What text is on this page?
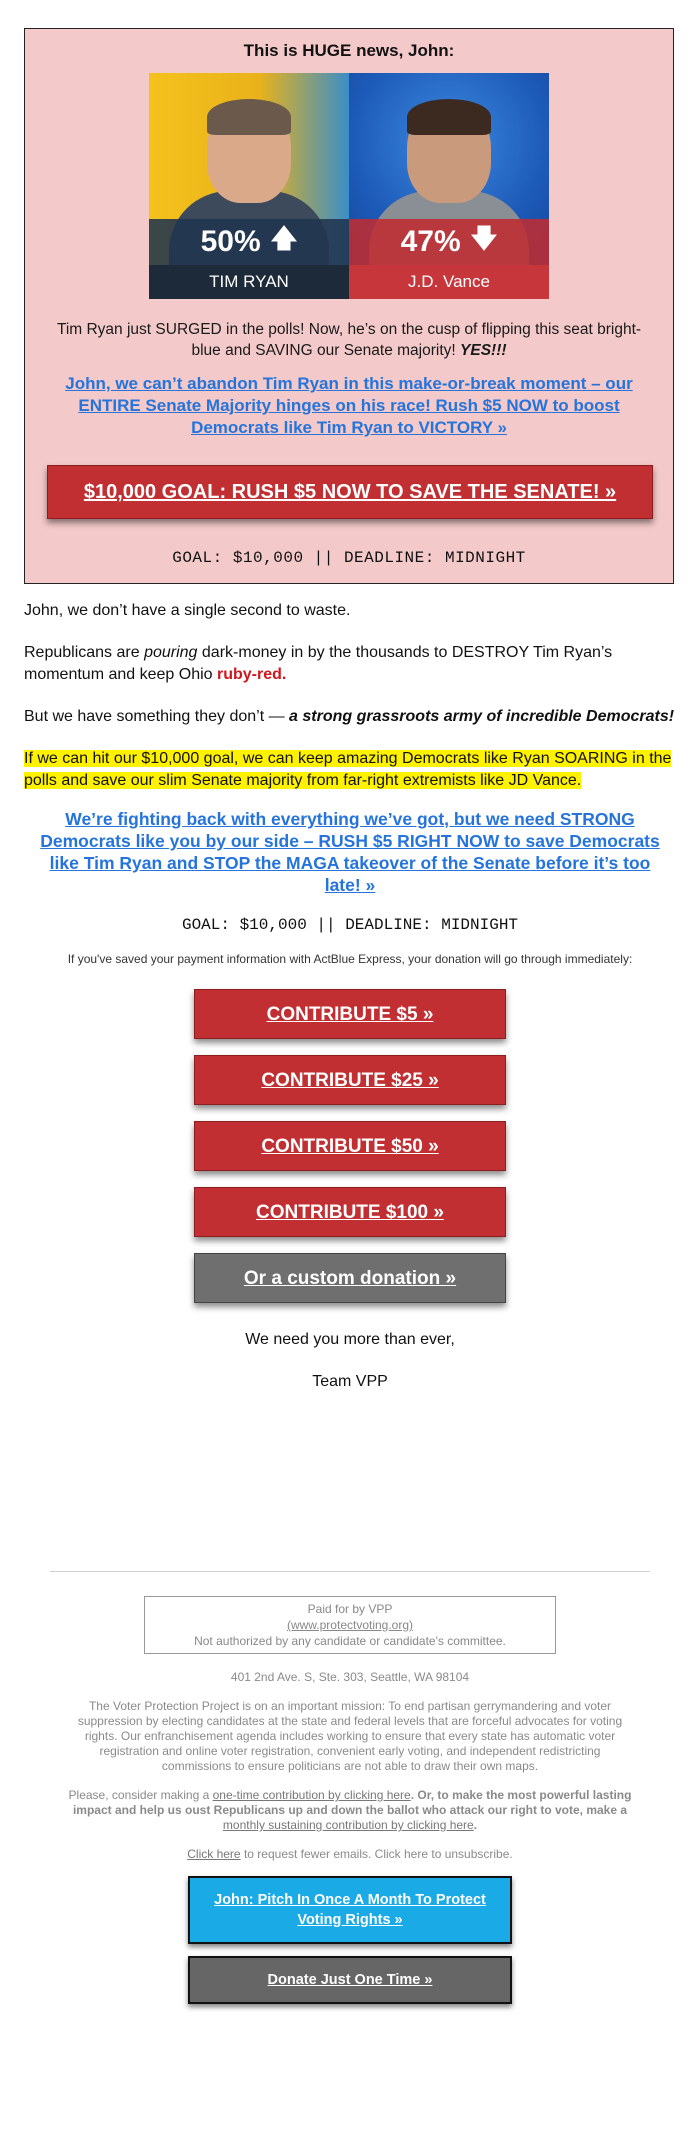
This is HUGE news, John:
50% 🡅
TIM RYAN
47% 🡇
J.D. Vance

Tim Ryan just SURGED in the polls! Now, he’s on the cusp of flipping this seat bright-blue and SAVING our Senate majority! YES!!!

John, we can’t abandon Tim Ryan in this make-or-break moment – our ENTIRE Senate Majority hinges on his race! Rush $5 NOW to boost Democrats like Tim Ryan to VICTORY »
$10,000 GOAL: RUSH $5 NOW TO SAVE THE SENATE! »
GOAL: $10,000 || DEADLINE: MIDNIGHT

John, we don’t have a single second to waste.

Republicans are pouring dark-money in by the thousands to DESTROY Tim Ryan’s momentum and keep Ohio ruby-red.

But we have something they don’t — a strong grassroots army of incredible Democrats!

If we can hit our $10,000 goal, we can keep amazing Democrats like Ryan SOARING in the polls and save our slim Senate majority from far-right extremists like JD Vance.

We’re fighting back with everything we’ve got, but we need STRONG Democrats like you by our side – RUSH $5 RIGHT NOW to save Democrats like Tim Ryan and STOP the MAGA takeover of the Senate before it’s too late! »
GOAL: $10,000 || DEADLINE: MIDNIGHT

If you've saved your payment information with ActBlue Express, your donation will go through immediately:

CONTRIBUTE $5 »
CONTRIBUTE $25 »
CONTRIBUTE $50 »
CONTRIBUTE $100 »
Or a custom donation »

We need you more than ever,

Team VPP

Paid for by VPP
(www.protectvoting.org)
Not authorized by any candidate or candidate's committee.

401 2nd Ave. S, Ste. 303, Seattle, WA 98104

The Voter Protection Project is on an important mission: To end partisan gerrymandering and voter suppression by electing candidates at the state and federal levels that are forceful advocates for voting rights. Our enfranchisement agenda includes working to ensure that every state has automatic voter registration and online voter registration, convenient early voting, and independent redistricting commissions to ensure politicians are not able to draw their own maps.

Please, consider making a one-time contribution by clicking here. Or, to make the most powerful lasting impact and help us oust Republicans up and down the ballot who attack our right to vote, make a monthly sustaining contribution by clicking here.

Click here to request fewer emails. Click here to unsubscribe.

John: Pitch In Once A Month To Protect Voting Rights »
Donate Just One Time »
